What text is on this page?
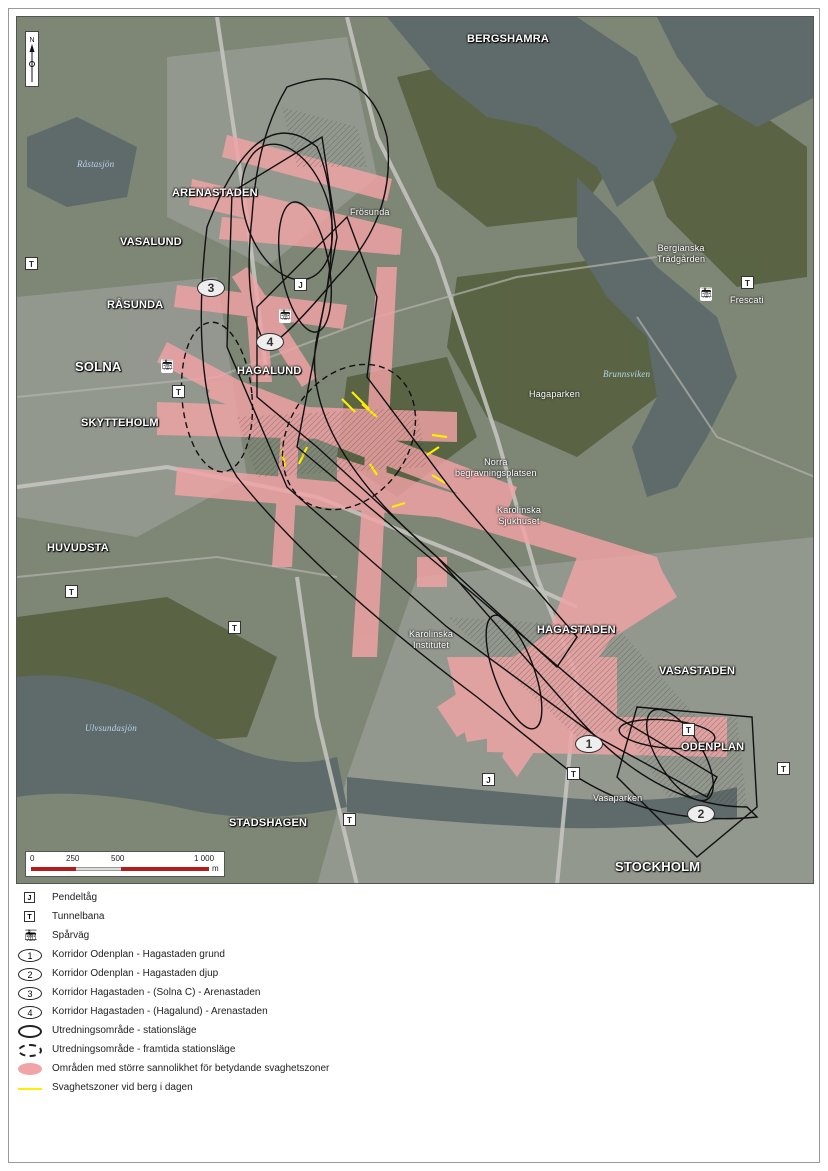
N	BERGSHAMRA
ARENASTADEN
Frösunda
VASALUND
RÅSUNDA
SOLNA	HAGALUND
SKYTTEHOLM
HUVUDSTA
HAGASTADEN
VASASTADEN
ODENPLAN
STADSHAGEN
STOCKHOLM
Hagaparken
Norra
begravningsplatsen
Karolinska
Sjukhuset
Karolinska
Institutet
Vasaparken
Bergianska
Trädgården
Frescati
Råstasjön
Brunnsviken
Ulvsundasjön
1
2
3
4
T
J
T
T
T
T
T
J
T
T
T
🚋︎
🚋︎
🚋︎
0	250	500	1 000
m
J	Pendeltåg
T	Tunnelbana
🚋︎	Spårväg
1	Korridor Odenplan - Hagastaden grund
2	Korridor Odenplan - Hagastaden djup
3	Korridor Hagastaden - (Solna C) - Arenastaden
4	Korridor Hagastaden - (Hagalund) - Arenastaden
Utredningsområde - stationsläge
Utredningsområde - framtida stationsläge
Områden med större sannolikhet för betydande svaghetszoner
Svaghetszoner vid berg i dagen
